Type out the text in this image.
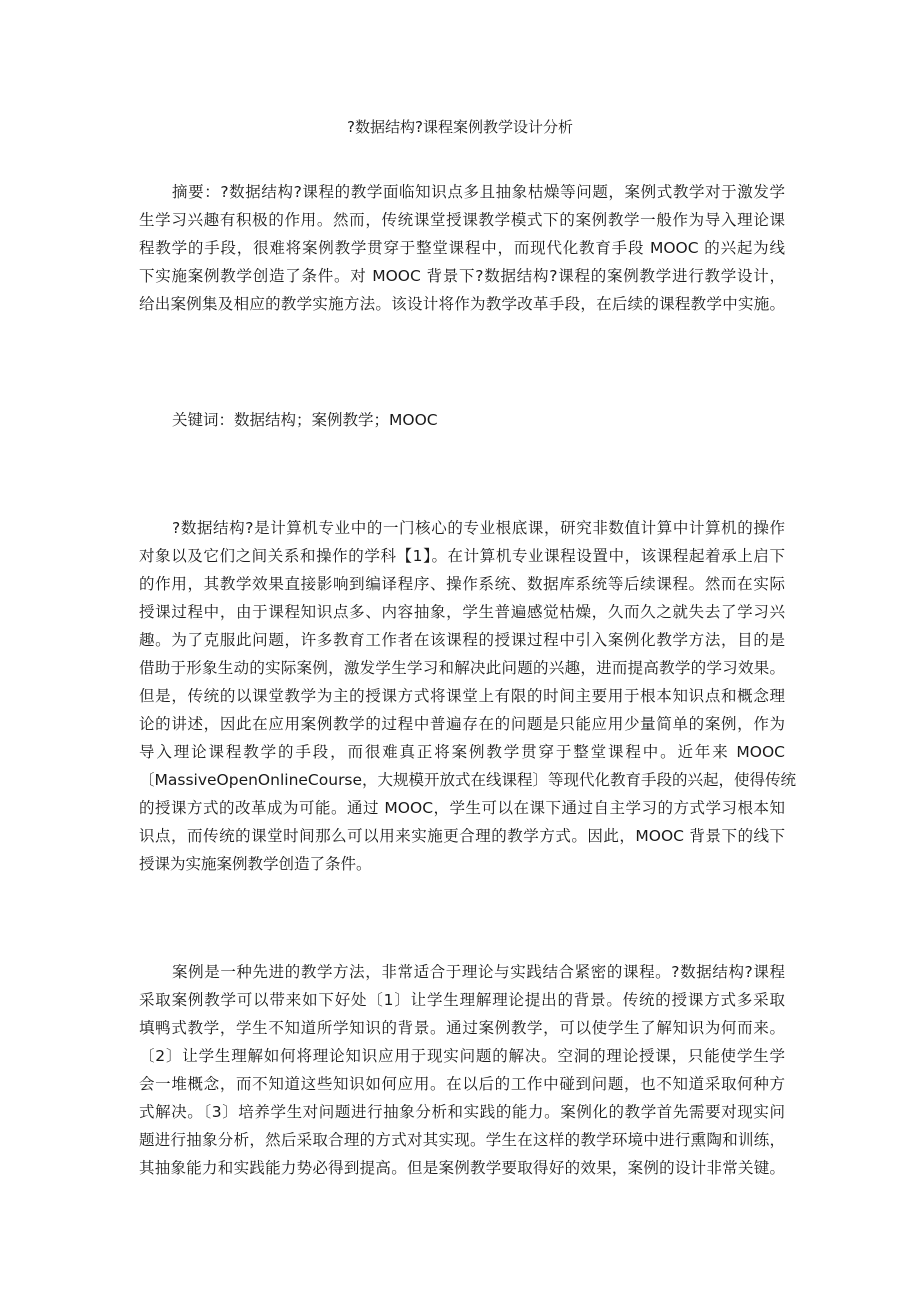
?数据结构?课程案例教学设计分析
摘要：?数据结构?课程的教学面临知识点多且抽象枯燥等问题，案例式教学对于激发学
生学习兴趣有积极的作用。然而，传统课堂授课教学模式下的案例教学一般作为导入理论课
程教学的手段，很难将案例教学贯穿于整堂课程中，而现代化教育手段 MOOC 的兴起为线
下实施案例教学创造了条件。对 MOOC 背景下?数据结构?课程的案例教学进行教学设计，
给出案例集及相应的教学实施方法。该设计将作为教学改革手段，在后续的课程教学中实施。
关键词：数据结构；案例教学；MOOC
?数据结构?是计算机专业中的一门核心的专业根底课，研究非数值计算中计算机的操作
对象以及它们之间关系和操作的学科【1】。在计算机专业课程设置中，该课程起着承上启下
的作用，其教学效果直接影响到编译程序、操作系统、数据库系统等后续课程。然而在实际
授课过程中，由于课程知识点多、内容抽象，学生普遍感觉枯燥，久而久之就失去了学习兴
趣。为了克服此问题，许多教育工作者在该课程的授课过程中引入案例化教学方法，目的是
借助于形象生动的实际案例，激发学生学习和解决此问题的兴趣，进而提高教学的学习效果。
但是，传统的以课堂教学为主的授课方式将课堂上有限的时间主要用于根本知识点和概念理
论的讲述，因此在应用案例教学的过程中普遍存在的问题是只能应用少量简单的案例，作为
导入理论课程教学的手段，而很难真正将案例教学贯穿于整堂课程中。近年来 MOOC
〔MassiveOpenOnlineCourse，大规模开放式在线课程〕等现代化教育手段的兴起，使得传统
的授课方式的改革成为可能。通过 MOOC，学生可以在课下通过自主学习的方式学习根本知
识点，而传统的课堂时间那么可以用来实施更合理的教学方式。因此，MOOC 背景下的线下
授课为实施案例教学创造了条件。
案例是一种先进的教学方法，非常适合于理论与实践结合紧密的课程。?数据结构?课程
采取案例教学可以带来如下好处〔1〕让学生理解理论提出的背景。传统的授课方式多采取
填鸭式教学，学生不知道所学知识的背景。通过案例教学，可以使学生了解知识为何而来。
〔2〕让学生理解如何将理论知识应用于现实问题的解决。空洞的理论授课，只能使学生学
会一堆概念，而不知道这些知识如何应用。在以后的工作中碰到问题，也不知道采取何种方
式解决。〔3〕培养学生对问题进行抽象分析和实践的能力。案例化的教学首先需要对现实问
题进行抽象分析，然后采取合理的方式对其实现。学生在这样的教学环境中进行熏陶和训练，
其抽象能力和实践能力势必得到提高。但是案例教学要取得好的效果，案例的设计非常关键。
